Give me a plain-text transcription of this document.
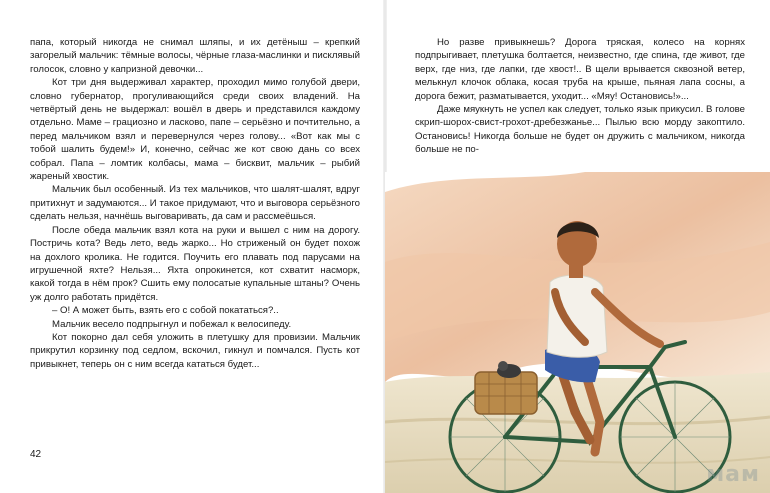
папа, который никогда не снимал шляпы, и их детёныш – крепкий загорелый мальчик: тёмные волосы, чёрные глаза-маслинки и писклявый голосок, словно у капризной девочки...

Кот три дня выдерживал характер, проходил мимо голубой двери, словно губернатор, прогуливающийся среди своих владений. На четвёртый день не выдержал: вошёл в дверь и представился каждому отдельно. Маме – грациозно и ласково, папе – серьёзно и почтительно, а перед мальчиком взял и перевернулся через голову... «Вот как мы с тобой шалить будем!» И, конечно, сейчас же кот свою дань со всех собрал. Папа – ломтик колбасы, мама – бисквит, мальчик – рыбий жареный хвостик.

Мальчик был особенный. Из тех мальчиков, что шалят-шалят, вдруг притихнут и задумаются... И такое придумают, что и выговора серьёзного сделать нельзя, начнёшь выговаривать, да сам и рассмеёшься.

После обеда мальчик взял кота на руки и вышел с ним на дорогу. Постричь кота? Ведь лето, ведь жарко... Но стриженый он будет похож на дохлого кролика. Не годится. Поучить его плавать под парусами на игрушечной яхте? Нельзя... Яхта опрокинется, кот схватит насморк, какой тогда в нём прок? Сшить ему полосатые купальные штаны? Очень уж долго работать придётся.

– О! А может быть, взять его с собой покататься?..

Мальчик весело подпрыгнул и побежал к велосипеду.

Кот покорно дал себя уложить в плетушку для провизии. Мальчик прикрутил корзинку под седлом, вскочил, гикнул и помчался. Пусть кот привыкнет, теперь он с ним всегда кататься будет...

42

Но разве привыкнешь? Дорога тряская, колесо на корнях подпрыгивает, плетушка болтается, неизвестно, где спина, где живот, где верх, где низ, где лапки, где хвост!.. В щели врывается сквозной ветер, мелькнул клочок облака, косая труба на крыше, пьяная лапа сосны, а дорога бежит, разматывается, уходит... «Мяу! Остановись!»...

Даже мяукнуть не успел как следует, только язык прикусил. В голове скрип-шорох-свист-грохот-дребезжанье... Пылью всю морду закоптило. Остановись! Никогда больше не будет он дружить с мальчиком, никогда больше не по-

мам
